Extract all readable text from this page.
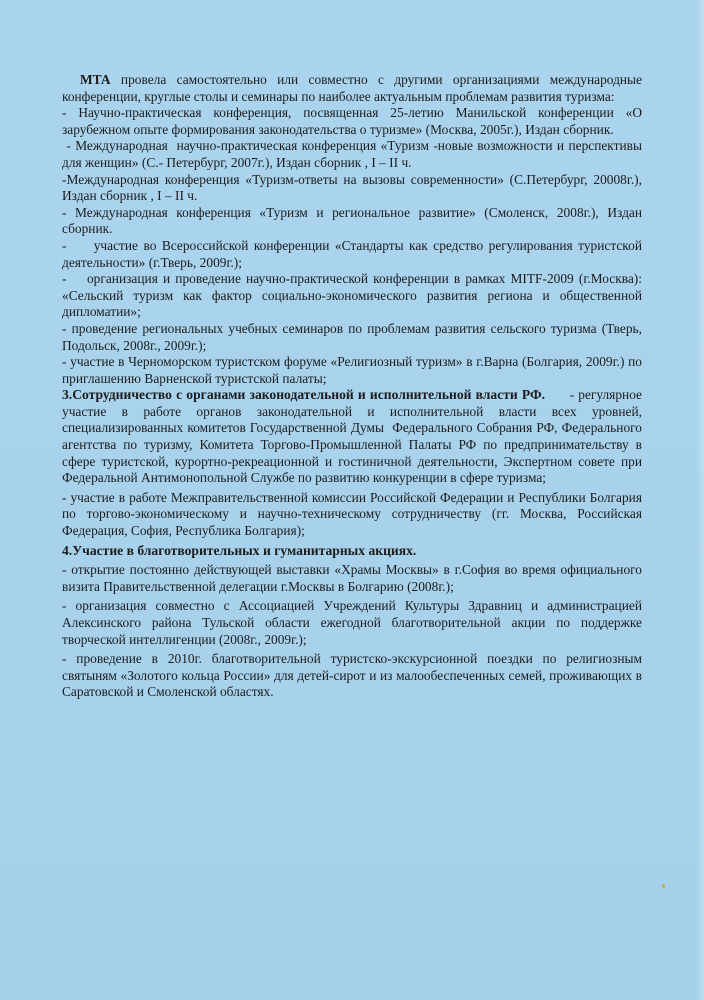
МТА провела самостоятельно или совместно с другими организациями международные конференции, круглые столы и семинары по наиболее актуальным проблемам развития туризма:

- Научно-практическая конференция, посвященная 25-летию Манильской конференции «О зарубежном опыте формирования законодательства о туризме» (Москва, 2005г.), Издан сборник.

- Международная  научно-практическая конференция «Туризм -новые возможности и перспективы для женщин» (С.- Петербург, 2007г.), Издан сборник , I – II ч.

-Международная конференция «Туризм-ответы на вызовы современности» (С.Петербург, 20008г.), Издан сборник , I – II ч.

- Международная конференция «Туризм и региональное развитие» (Смоленск, 2008г.), Издан сборник.

-     участие во Всероссийской конференции «Стандарты как средство регулирования туристской деятельности» (г.Тверь, 2009г.);

-    организация и проведение научно-практической конференции в рамках MITF-2009 (г.Москва): «Сельский туризм как фактор социально-экономического развития региона и общественной дипломатии»;

- проведение региональных учебных семинаров по проблемам развития сельского туризма (Тверь, Подольск, 2008г., 2009г.);

- участие в Черноморском туристском форуме «Религиозный туризм» в г.Варна (Болгария, 2009г.) по приглашению Варненской туристской палаты;

3.Сотрудничество с органами законодательной и исполнительной власти РФ.      - регулярное участие в работе органов законодательной и исполнительной власти всех уровней, специализированных комитетов Государственной Думы  Федерального Собрания РФ, Федерального агентства по туризму, Комитета Торгово-Промышленной Палаты РФ по предпринимательству в сфере туристской, курортно-рекреационной и гостиничной деятельности, Экспертном совете при Федеральной Антимонопольной Службе по развитию конкуренции в сфере туризма;

- участие в работе Межправительственной комиссии Российской Федерации и Республики Болгария по торгово-экономическому и научно-техническому сотрудничеству (гг. Москва, Российская Федерация, София, Республика Болгария);

4.Участие в благотворительных и гуманитарных акциях.

- открытие постоянно действующей выставки «Храмы Москвы» в г.София во время официального визита Правительственной делегации г.Москвы в Болгарию (2008г.);

- организация совместно с Ассоциацией Учреждений Культуры Здравниц и администрацией Алексинского района Тульской области ежегодной благотворительной акции по поддержке творческой интеллигенции (2008г., 2009г.);

- проведение в 2010г. благотворительной туристско-экскурсионной поездки по религиозным святыням «Золотого кольца России» для детей-сирот и из малообеспеченных семей, проживающих в Саратовской и Смоленской областях.
